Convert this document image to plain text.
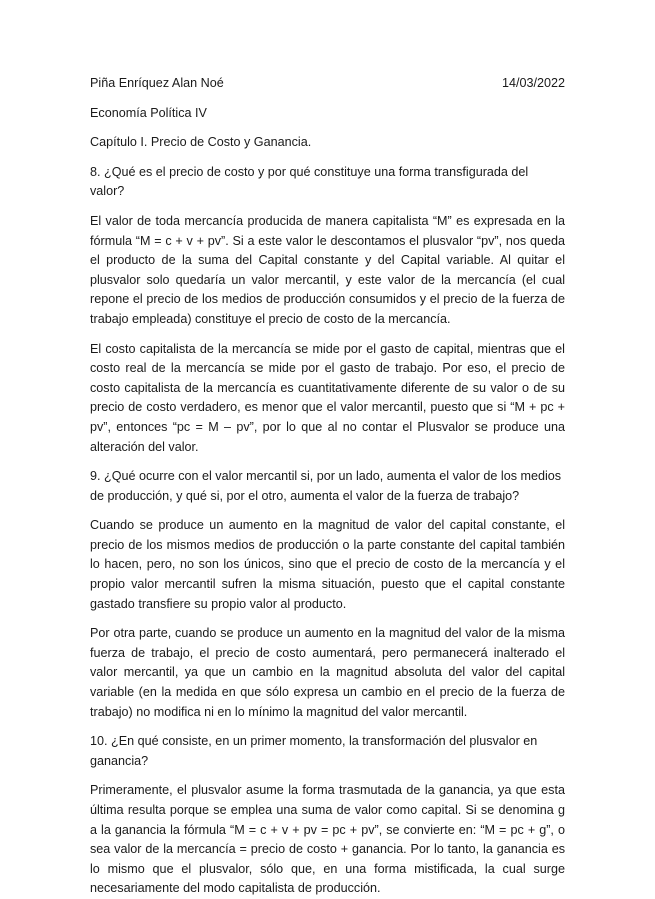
Piña Enríquez Alan Noé	14/03/2022
Economía Política IV
Capítulo I. Precio de Costo y Ganancia.

8. ¿Qué es el precio de costo y por qué constituye una forma transfigurada del valor?

El valor de toda mercancía producida de manera capitalista “M” es expresada en la fórmula “M = c + v + pv”. Si a este valor le descontamos el plusvalor “pv”, nos queda el producto de la suma del Capital constante y del Capital variable. Al quitar el plusvalor solo quedaría un valor mercantil, y este valor de la mercancía (el cual repone el precio de los medios de producción consumidos y el precio de la fuerza de trabajo empleada) constituye el precio de costo de la mercancía.

El costo capitalista de la mercancía se mide por el gasto de capital, mientras que el costo real de la mercancía se mide por el gasto de trabajo. Por eso, el precio de costo capitalista de la mercancía es cuantitativamente diferente de su valor o de su precio de costo verdadero, es menor que el valor mercantil, puesto que si “M + pc + pv”, entonces “pc = M – pv”, por lo que al no contar el Plusvalor se produce una alteración del valor.

9. ¿Qué ocurre con el valor mercantil si, por un lado, aumenta el valor de los medios de producción, y qué si, por el otro, aumenta el valor de la fuerza de trabajo?

Cuando se produce un aumento en la magnitud de valor del capital constante, el precio de los mismos medios de producción o la parte constante del capital también lo hacen, pero, no son los únicos, sino que el precio de costo de la mercancía y el propio valor mercantil sufren la misma situación, puesto que el capital constante gastado transfiere su propio valor al producto.

Por otra parte, cuando se produce un aumento en la magnitud del valor de la misma fuerza de trabajo, el precio de costo aumentará, pero permanecerá inalterado el valor mercantil, ya que un cambio en la magnitud absoluta del valor del capital variable (en la medida en que sólo expresa un cambio en el precio de la fuerza de trabajo) no modifica ni en lo mínimo la magnitud del valor mercantil.

10. ¿En qué consiste, en un primer momento, la transformación del plusvalor en ganancia?

Primeramente, el plusvalor asume la forma trasmutada de la ganancia, ya que esta última resulta porque se emplea una suma de valor como capital. Si se denomina g a la ganancia la fórmula “M = c + v + pv = pc + pv”, se convierte en: “M = pc + g”, o sea valor de la mercancía = precio de costo + ganancia. Por lo tanto, la ganancia es lo mismo que el plusvalor, sólo que, en una forma mistificada, la cual surge necesariamente del modo capitalista de producción.
